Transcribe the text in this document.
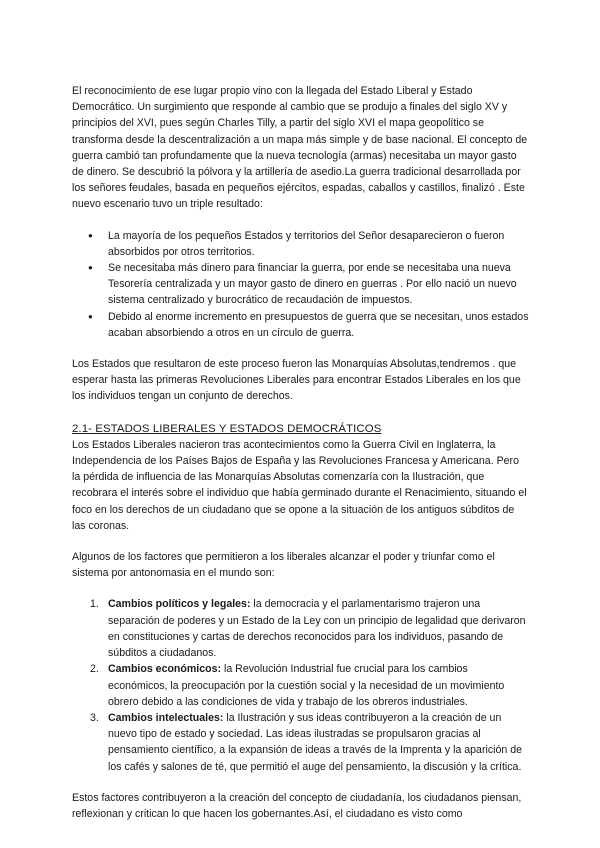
El reconocimiento de ese lugar propio vino con la llegada del Estado Liberal y Estado Democrático. Un surgimiento que responde al cambio que se produjo a finales del siglo XV y principios del XVI, pues según Charles Tilly, a partir del siglo XVI el mapa geopolítico se transforma desde la descentralización a un mapa más simple y de base nacional. El concepto de guerra cambió tan profundamente que la nueva tecnología (armas) necesitaba un mayor gasto de dinero. Se descubrió la pólvora y la artillería de asedio.La guerra tradicional desarrollada por los señores feudales, basada en pequeños ejércitos, espadas, caballos y castillos, finalizó . Este nuevo escenario tuvo un triple resultado:

● La mayoría de los pequeños Estados y territorios del Señor desaparecieron o fueron absorbidos por otros territorios.
● Se necesitaba más dinero para financiar la guerra, por ende se necesitaba una nueva Tesorería centralizada y un mayor gasto de dinero en guerras . Por ello nació un nuevo sistema centralizado y burocrático de recaudación de impuestos.
● Debido al enorme incremento en presupuestos de guerra que se necesitan, unos estados acaban absorbiendo a otros en un círculo de guerra.

Los Estados que resultaron de este proceso fueron las Monarquías Absolutas,tendremos . que esperar hasta las primeras Revoluciones Liberales para encontrar Estados Liberales en los que los individuos tengan un conjunto de derechos.

2.1- ESTADOS LIBERALES Y ESTADOS DEMOCRÁTICOS

Los Estados Liberales nacieron tras acontecimientos como la Guerra Civil en Inglaterra, la Independencia de los Países Bajos de España y las Revoluciones Francesa y Americana. Pero la pérdida de influencia de las Monarquías Absolutas comenzaría con la Ilustración, que recobrara el interés sobre el individuo que había germinado durante el Renacimiento, situando el foco en los derechos de un ciudadano que se opone a la situación de los antiguos súbditos de las coronas.

Algunos de los factores que permitieron a los liberales alcanzar el poder y triunfar como el sistema por antonomasia en el mundo son:

1. Cambios políticos y legales: la democracia y el parlamentarismo trajeron una separación de poderes y un Estado de la Ley con un principio de legalidad que derivaron en constituciones y cartas de derechos reconocidos para los individuos, pasando de súbditos a ciudadanos.
2. Cambios económicos: la Revolución Industrial fue crucial para los cambios económicos, la preocupación por la cuestión social y la necesidad de un movimiento obrero debido a las condiciones de vida y trabajo de los obreros industriales.
3. Cambios intelectuales: la Ilustración y sus ideas contribuyeron a la creación de un nuevo tipo de estado y sociedad. Las ideas ilustradas se propulsaron gracias al pensamiento científico, a la expansión de ideas a través de la Imprenta y la aparición de los cafés y salones de té, que permitió el auge del pensamiento, la discusión y la crítica.

Estos factores contribuyeron a la creación del concepto de ciudadanía, los ciudadanos piensan, reflexionan y critican lo que hacen los gobernantes.Así, el ciudadano es visto como
